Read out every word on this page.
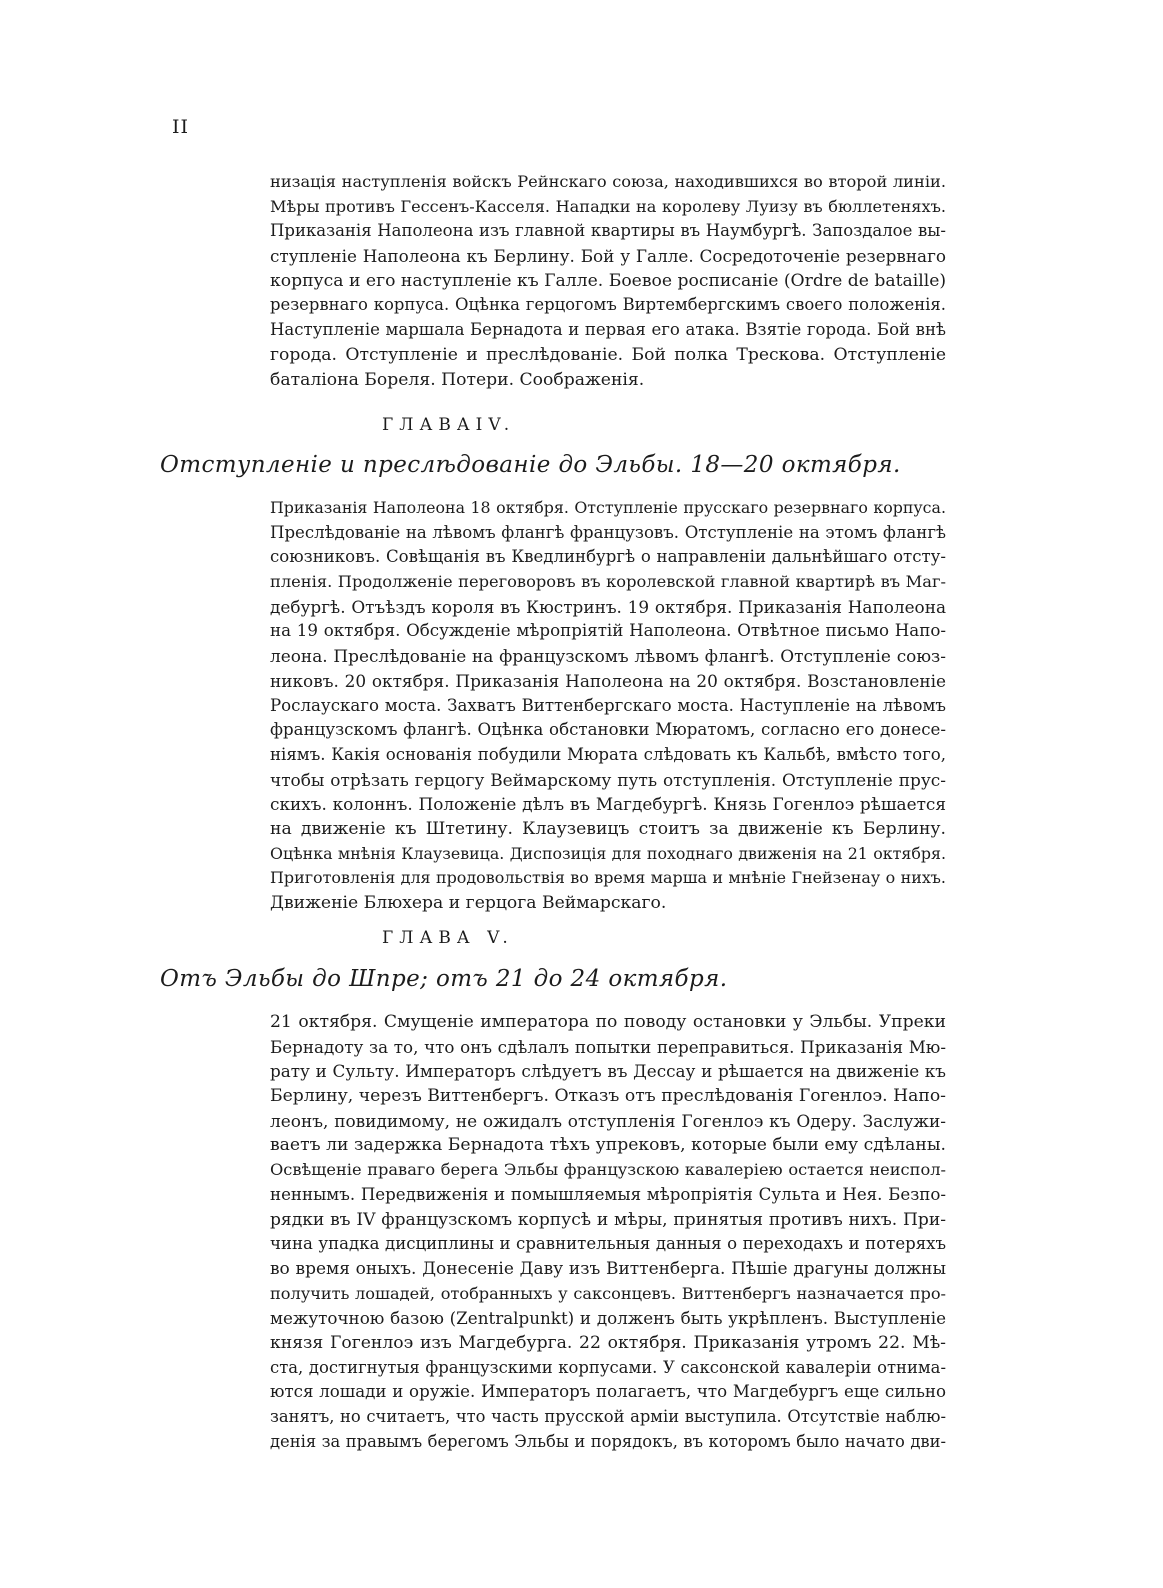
II
низація наступленія войскъ Рейнскаго союза, находившихся во второй линіи.
Мѣры противъ Гессенъ-Касселя. Нападки на королеву Луизу въ бюллетеняхъ.
Приказанія Наполеона изъ главной квартиры въ Наумбургѣ. Запоздалое вы-
ступленіе Наполеона къ Берлину. Бой у Галле. Сосредоточеніе резервнаго
корпуса и его наступленіе къ Галле. Боевое росписаніе (Ordre de bataille)
резервнаго корпуса. Оцѣнка герцогомъ Виртембергскимъ своего положенія.
Наступленіе маршала Бернадота и первая его атака. Взятіе города. Бой внѣ
города. Отступленіе и преслѣдованіе. Бой полка Трескова. Отступленіе
баталіона Бореля. Потери. Соображенія.
ГЛАВАIV.
Отступленіе и преслѣдованіе до Эльбы. 18—20 октября.
Приказанія Наполеона 18 октября. Отступленіе прусскаго резервнаго корпуса.
Преслѣдованіе на лѣвомъ флангѣ французовъ. Отступленіе на этомъ флангѣ
союзниковъ. Совѣщанія въ Кведлинбургѣ о направленіи дальнѣйшаго отсту-
пленія. Продолженіе переговоровъ въ королевской главной квартирѣ въ Маг-
дебургѣ. Отъѣздъ короля въ Кюстринъ. 19 октября. Приказанія Наполеона
на 19 октября. Обсужденіе мѣропріятій Наполеона. Отвѣтное письмо Напо-
леона. Преслѣдованіе на французскомъ лѣвомъ флангѣ. Отступленіе союз-
никовъ. 20 октября. Приказанія Наполеона на 20 октября. Возстановленіе
Рослаускаго моста. Захватъ Виттенбергскаго моста. Наступленіе на лѣвомъ
французскомъ флангѣ. Оцѣнка обстановки Мюратомъ, согласно его донесе-
ніямъ. Какія основанія побудили Мюрата слѣдовать къ Кальбѣ, вмѣсто того,
чтобы отрѣзать герцогу Веймарскому путь отступленія. Отступленіе прус-
скихъ. колоннъ. Положеніе дѣлъ въ Магдебургѣ. Князь Гогенлоэ рѣшается
на движеніе къ Штетину. Клаузевицъ стоитъ за движеніе къ Берлину.
Оцѣнка мнѣнія Клаузевица. Диспозиція для походнаго движенія на 21 октября.
Приготовленія для продовольствія во время марша и мнѣніе Гнейзенау о нихъ.
Движеніе Блюхера и герцога Веймарскаго.
ГЛАВА V.
Отъ Эльбы до Шпре; отъ 21 до 24 октября.
21 октября. Смущеніе императора по поводу остановки у Эльбы. Упреки
Бернадоту за то, что онъ сдѣлалъ попытки переправиться. Приказанія Мю-
рату и Сульту. Императоръ слѣдуетъ въ Дессау и рѣшается на движеніе къ
Берлину, черезъ Виттенбергъ. Отказъ отъ преслѣдованія Гогенлоэ. Напо-
леонъ, повидимому, не ожидалъ отступленія Гогенлоэ къ Одеру. Заслужи-
ваетъ ли задержка Бернадота тѣхъ упрековъ, которые были ему сдѣланы.
Освѣщеніе праваго берега Эльбы французскою кавалеріею остается неиспол-
неннымъ. Передвиженія и помышляемыя мѣропріятія Сульта и Нея. Безпо-
рядки въ IV французскомъ корпусѣ и мѣры, принятыя противъ нихъ. При-
чина упадка дисциплины и сравнительныя данныя о переходахъ и потеряхъ
во время оныхъ. Донесеніе Даву изъ Виттенберга. Пѣшіе драгуны должны
получить лошадей, отобранныхъ у саксонцевъ. Виттенбергъ назначается про-
межуточною базою (Zentralpunkt) и долженъ быть укрѣпленъ. Выступленіе
князя Гогенлоэ изъ Магдебурга. 22 октября. Приказанія утромъ 22. Мѣ-
ста, достигнутыя французскими корпусами. У саксонской кавалеріи отнима-
ются лошади и оружіе. Императоръ полагаетъ, что Магдебургъ еще сильно
занятъ, но считаетъ, что часть прусской арміи выступила. Отсутствіе наблю-
денія за правымъ берегомъ Эльбы и порядокъ, въ которомъ было начато дви-
